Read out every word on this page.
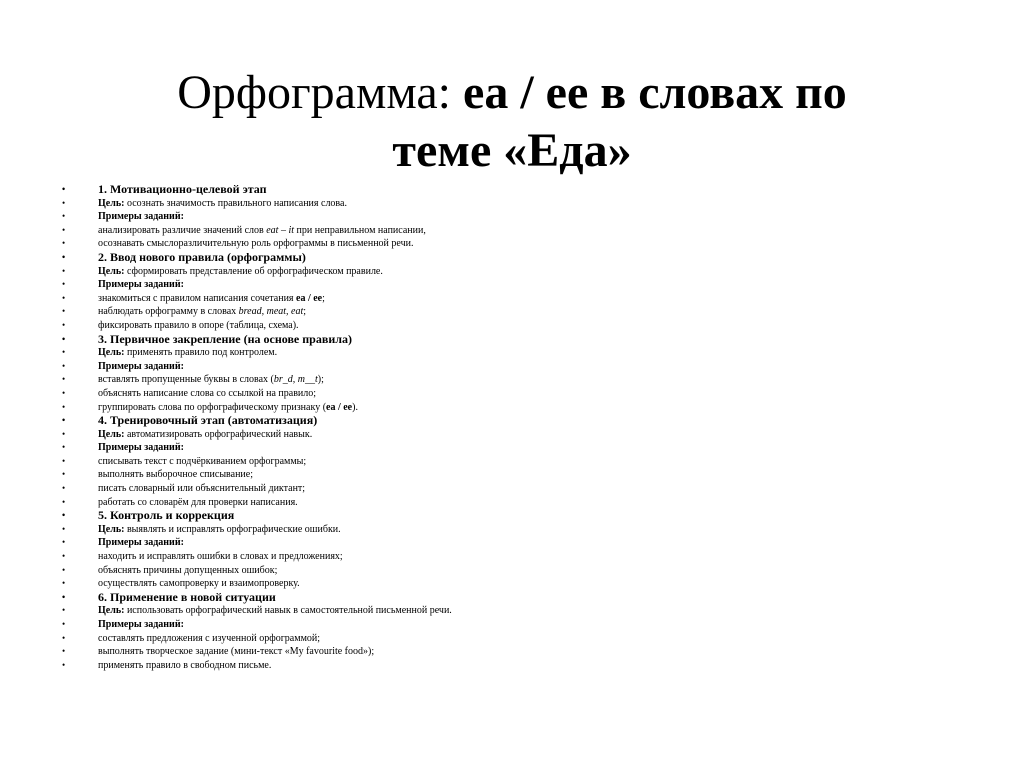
Орфограмма: ea / ee в словах по
теме «Еда»
•	1. Мотивационно-целевой этап
•	Цель: осознать значимость правильного написания слова.
•	Примеры заданий:
•	анализировать различие значений слов eat – it при неправильном написании,
•	осознавать смыслоразличительную роль орфограммы в письменной речи.
•	2. Ввод нового правила (орфограммы)
•	Цель: сформировать представление об орфографическом правиле.
•	Примеры заданий:
•	знакомиться с правилом написания сочетания ea / ee;
•	наблюдать орфограмму в словах bread, meat, eat;
•	фиксировать правило в опоре (таблица, схема).
•	3. Первичное закрепление (на основе правила)
•	Цель: применять правило под контролем.
•	Примеры заданий:
•	вставлять пропущенные буквы в словах (br_d, m__t);
•	объяснять написание слова со ссылкой на правило;
•	группировать слова по орфографическому признаку (ea / ee).
•	4. Тренировочный этап (автоматизация)
•	Цель: автоматизировать орфографический навык.
•	Примеры заданий:
•	списывать текст с подчёркиванием орфограммы;
•	выполнять выборочное списывание;
•	писать словарный или объяснительный диктант;
•	работать со словарём для проверки написания.
•	5. Контроль и коррекция
•	Цель: выявлять и исправлять орфографические ошибки.
•	Примеры заданий:
•	находить и исправлять ошибки в словах и предложениях;
•	объяснять причины допущенных ошибок;
•	осуществлять самопроверку и взаимопроверку.
•	6. Применение в новой ситуации
•	Цель: использовать орфографический навык в самостоятельной письменной речи.
•	Примеры заданий:
•	составлять предложения с изученной орфограммой;
•	выполнять творческое задание (мини-текст «My favourite food»);
•	применять правило в свободном письме.
